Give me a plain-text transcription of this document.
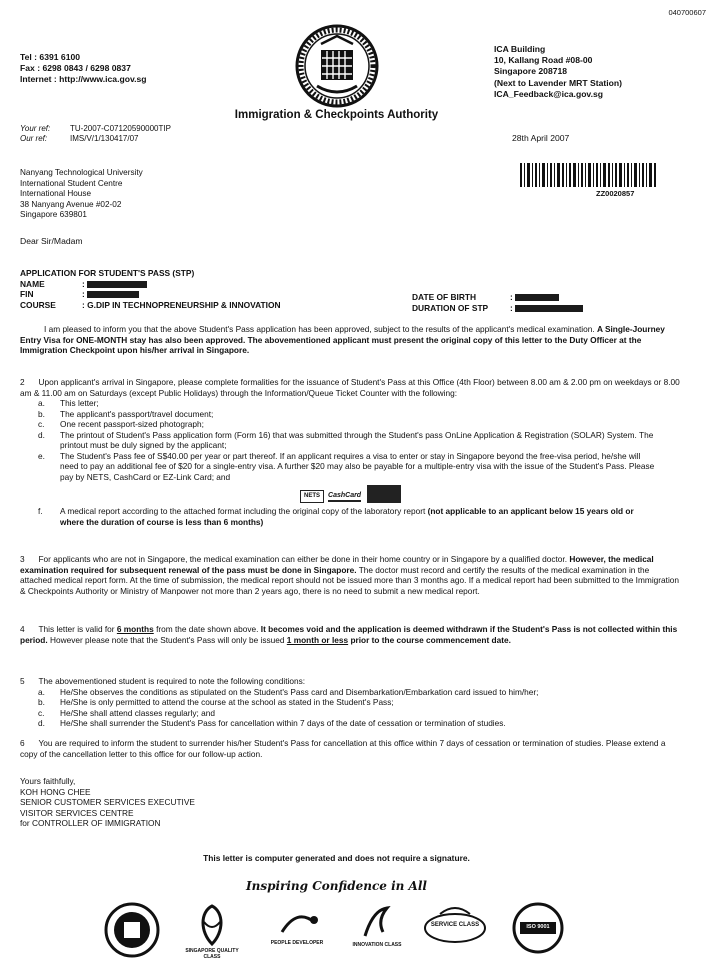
040700607
Tel : 6391 6100
Fax : 6298 0843 / 6298 0837
Internet : http://www.ica.gov.sg
ICA Building
10, Kallang Road #08-00
Singapore 208718
(Next to Lavender MRT Station)
ICA_Feedback@ica.gov.sg
Immigration & Checkpoints Authority
Your ref: TU-2007-C07120590000TIP
Our ref:	IMS/V/1/130417/07	28th April 2007
Nanyang Technological University
International Student Centre
International House
38 Nanyang Avenue #02-02
Singapore 639801
ZZ0020857
Dear Sir/Madam
APPLICATION FOR STUDENT'S PASS (STP)
NAME	:
FIN	:
COURSE	: G.DIP IN TECHNOPRENEURSHIP & INNOVATION
DATE OF BIRTH	:
DURATION OF STP	:

I am pleased to inform you that the above Student's Pass application has been approved, subject to the results of the applicant's medical examination. A Single-Journey Entry Visa for ONE-MONTH stay has also been approved. The abovementioned applicant must present the original copy of this letter to the Duty Officer at the Immigration Checkpoint upon his/her arrival in Singapore.

2 Upon applicant's arrival in Singapore, please complete formalities for the issuance of Student's Pass at this Office (4th Floor) between 8.00 am & 2.00 pm on weekdays or 8.00 am & 11.00 am on Saturdays (except Public Holidays) through the Information/Queue Ticket Counter with the following:

a. This letter;
b. The applicant's passport/travel document;
c. One recent passport-sized photograph;
d. The printout of Student's Pass application form (Form 16) that was submitted through the Student's pass OnLine Application & Registration (SOLAR) System. The printout must be duly signed by the applicant;
e. The Student's Pass fee of S$40.00 per year or part thereof. If an applicant requires a visa to enter or stay in Singapore beyond the free-visa period, he/she will need to pay an additional fee of $20 for a single-entry visa. A further $20 may also be payable for a multiple-entry visa with the issue of the Student's Pass. Please pay by NETS, CashCard or EZ-Link Card; and
NETS CashCard
f. A medical report according to the attached format including the original copy of the laboratory report (not applicable to an applicant below 15 years old or where the duration of course is less than 6 months)

3 For applicants who are not in Singapore, the medical examination can either be done in their home country or in Singapore by a qualified doctor. However, the medical examination required for subsequent renewal of the pass must be done in Singapore. The doctor must record and certify the results of the medical examination in the attached medical report form. At the time of submission, the medical report should not be issued more than 3 months ago. If a medical report had been submitted to the Immigration & Checkpoints Authority or Ministry of Manpower not more than 2 years ago, there is no need to submit a new medical report.

4 This letter is valid for 6 months from the date shown above. It becomes void and the application is deemed withdrawn if the Student's Pass is not collected within this period. However please note that the Student's Pass will only be issued 1 month or less prior to the course commencement date.

5 The abovementioned student is required to note the following conditions:

a. He/She observes the conditions as stipulated on the Student's Pass card and Disembarkation/Embarkation card issued to him/her;
b. He/She is only permitted to attend the course at the school as stated in the Student's Pass;
c. He/She shall attend classes regularly; and
d. He/She shall surrender the Student's Pass for cancellation within 7 days of the date of cessation or termination of studies.

6 You are required to inform the student to surrender his/her Student's Pass for cancellation at this office within 7 days of cessation or termination of studies. Please extend a copy of the cancellation letter to this office for our follow-up action.

Yours faithfully,
KOH HONG CHEE
SENIOR CUSTOMER SERVICES EXECUTIVE
VISITOR SERVICES CENTRE
for CONTROLLER OF IMMIGRATION
This letter is computer generated and does not require a signature.
Inspiring Confidence in All
SINGAPORE QUALITY CLASS
PEOPLE DEVELOPER	INNOVATION CLASS
SERVICE CLASS	ISO 9001
